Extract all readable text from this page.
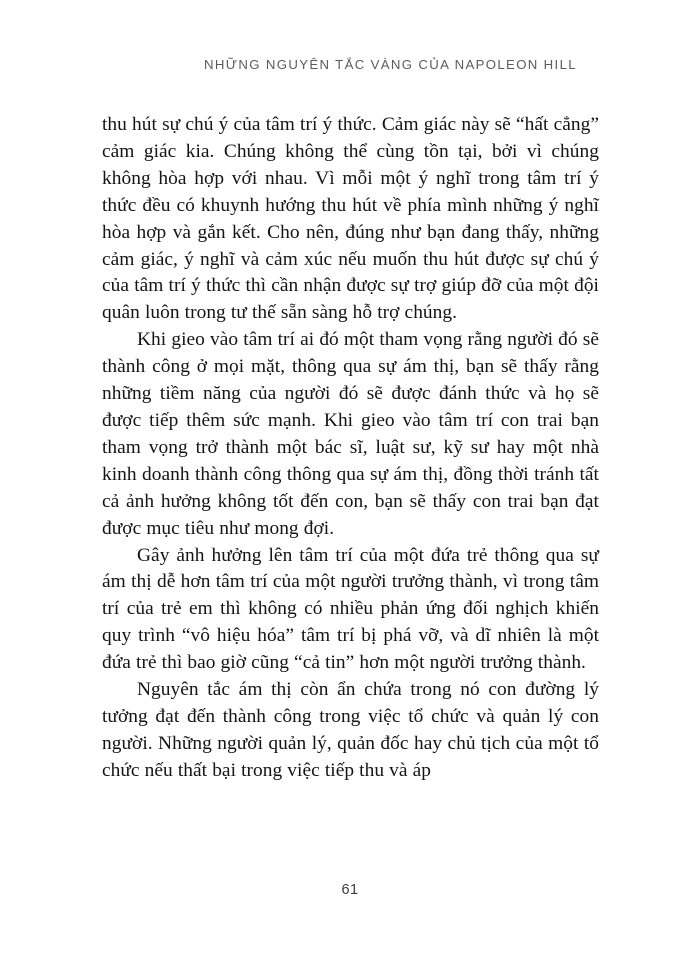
NHỮNG NGUYÊN TẮC VÀNG CỦA NAPOLEON HILL

thu hút sự chú ý của tâm trí ý thức. Cảm giác này sẽ “hất cẳng” cảm giác kia. Chúng không thể cùng tồn tại, bởi vì chúng không hòa hợp với nhau. Vì mỗi một ý nghĩ trong tâm trí ý thức đều có khuynh hướng thu hút về phía mình những ý nghĩ hòa hợp và gắn kết. Cho nên, đúng như bạn đang thấy, những cảm giác, ý nghĩ và cảm xúc nếu muốn thu hút được sự chú ý của tâm trí ý thức thì cần nhận được sự trợ giúp đỡ của một đội quân luôn trong tư thế sẵn sàng hỗ trợ chúng.

Khi gieo vào tâm trí ai đó một tham vọng rằng người đó sẽ thành công ở mọi mặt, thông qua sự ám thị, bạn sẽ thấy rằng những tiềm năng của người đó sẽ được đánh thức và họ sẽ được tiếp thêm sức mạnh. Khi gieo vào tâm trí con trai bạn tham vọng trở thành một bác sĩ, luật sư, kỹ sư hay một nhà kinh doanh thành công thông qua sự ám thị, đồng thời tránh tất cả ảnh hưởng không tốt đến con, bạn sẽ thấy con trai bạn đạt được mục tiêu như mong đợi.

Gây ảnh hưởng lên tâm trí của một đứa trẻ thông qua sự ám thị dễ hơn tâm trí của một người trưởng thành, vì trong tâm trí của trẻ em thì không có nhiều phản ứng đối nghịch khiến quy trình “vô hiệu hóa” tâm trí bị phá vỡ, và dĩ nhiên là một đứa trẻ thì bao giờ cũng “cả tin” hơn một người trưởng thành.

Nguyên tắc ám thị còn ẩn chứa trong nó con đường lý tưởng đạt đến thành công trong việc tổ chức và quản lý con người. Những người quản lý, quản đốc hay chủ tịch của một tổ chức nếu thất bại trong việc tiếp thu và áp

61
